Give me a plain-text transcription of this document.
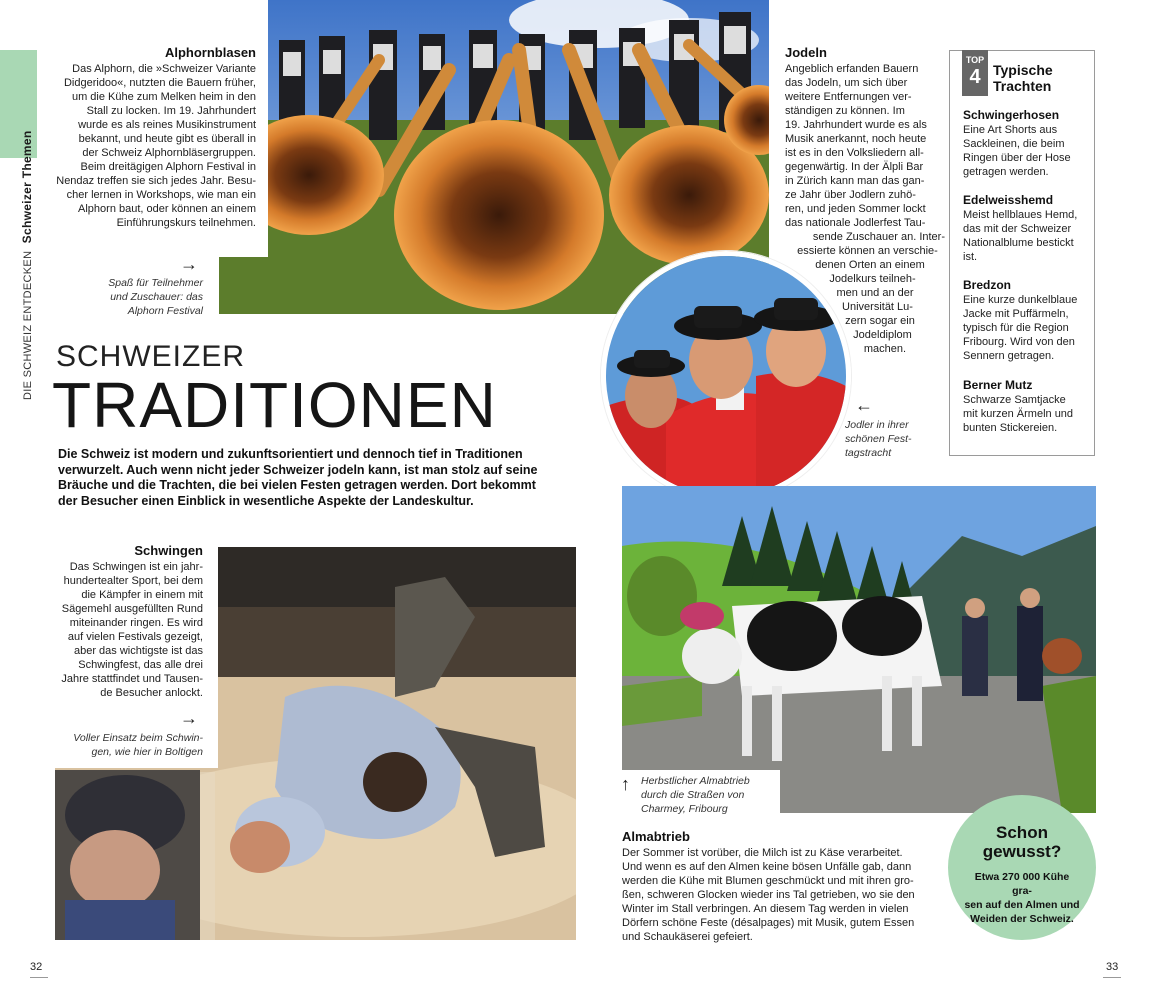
DIE SCHWEIZ ENTDECKEN Schweizer Themen
Alphornblasen
Das Alphorn, die »Schweizer Variante
Didgeridoo«, nutzten die Bauern früher,
um die Kühe zum Melken heim in den
Stall zu locken. Im 19. Jahrhundert
wurde es als reines Musikinstrument
bekannt, und heute gibt es überall in
der Schweiz Alphornbläsergruppen.
Beim dreitägigen Alphorn Festival in
Nendaz treffen sie sich jedes Jahr. Besu-
cher lernen in Workshops, wie man ein
Alphorn baut, oder können an einem
Einführungskurs teilnehmen.
→
Spaß für Teilnehmer
und Zuschauer: das
Alphorn Festival
Jodeln
Angeblich erfanden Bauern
das Jodeln, um sich über
weitere Entfernungen ver-
ständigen zu können. Im
19. Jahrhundert wurde es als
Musik anerkannt, noch heute
ist es in den Volksliedern all-
gegenwärtig. In der Älpli Bar
in Zürich kann man das gan-
ze Jahr über Jodlern zuhö-
ren, und jeden Sommer lockt
das nationale Jodlerfest Tau-
sende Zuschauer an. Inter-
essierte können an verschie-
denen Orten an einem
Jodelkurs teilneh-
men und an der
Universität Lu-
zern sogar ein
Jodeldiplom
machen.
←
Jodler in ihrer
schönen Fest-
tagstracht
Schwingerhosen
Eine Art Shorts aus
Sackleinen, die beim
Ringen über der Hose
getragen werden.
Edelweisshemd
Meist hellblaues Hemd,
das mit der Schweizer
Nationalblume bestickt
ist.
Bredzon
Eine kurze dunkelblaue
Jacke mit Puffärmeln,
typisch für die Region
Fribourg. Wird von den
Sennern getragen.
Berner Mutz
Schwarze Samtjacke
mit kurzen Ärmeln und
bunten Stickereien.
TOP
4 Typische
Trachten
SCHWEIZER
TRADITIONEN
Die Schweiz ist modern und zukunftsorientiert und dennoch tief in Traditionen verwurzelt. Auch wenn nicht jeder Schweizer jodeln kann, ist man stolz auf seine Bräuche und die Trachten, die bei vielen Festen getragen werden. Dort bekommt der Besucher einen Einblick in wesentliche Aspekte der Landeskultur.
Schwingen
Das Schwingen ist ein jahr-
hundertealter Sport, bei dem
die Kämpfer in einem mit
Sägemehl ausgefüllten Rund
miteinander ringen. Es wird
auf vielen Festivals gezeigt,
aber das wichtigste ist das
Schwingfest, das alle drei
Jahre stattfindet und Tausen-
de Besucher anlockt.
→
Voller Einsatz beim Schwin-
gen, wie hier in Boltigen
↑ Herbstlicher Almabtrieb
durch die Straßen von
Charmey, Fribourg
Almabtrieb
Der Sommer ist vorüber, die Milch ist zu Käse verarbeitet.
Und wenn es auf den Almen keine bösen Unfälle gab, dann
werden die Kühe mit Blumen geschmückt und mit ihren gro-
ßen, schweren Glocken wieder ins Tal getrieben, wo sie den
Winter im Stall verbringen. An diesem Tag werden in vielen
Dörfern schöne Feste (désalpages) mit Musik, gutem Essen
und Schaukäserei gefeiert.
Schon
gewusst?
Etwa 270 000 Kühe gra-
sen auf den Almen und
Weiden der Schweiz.
32	33
